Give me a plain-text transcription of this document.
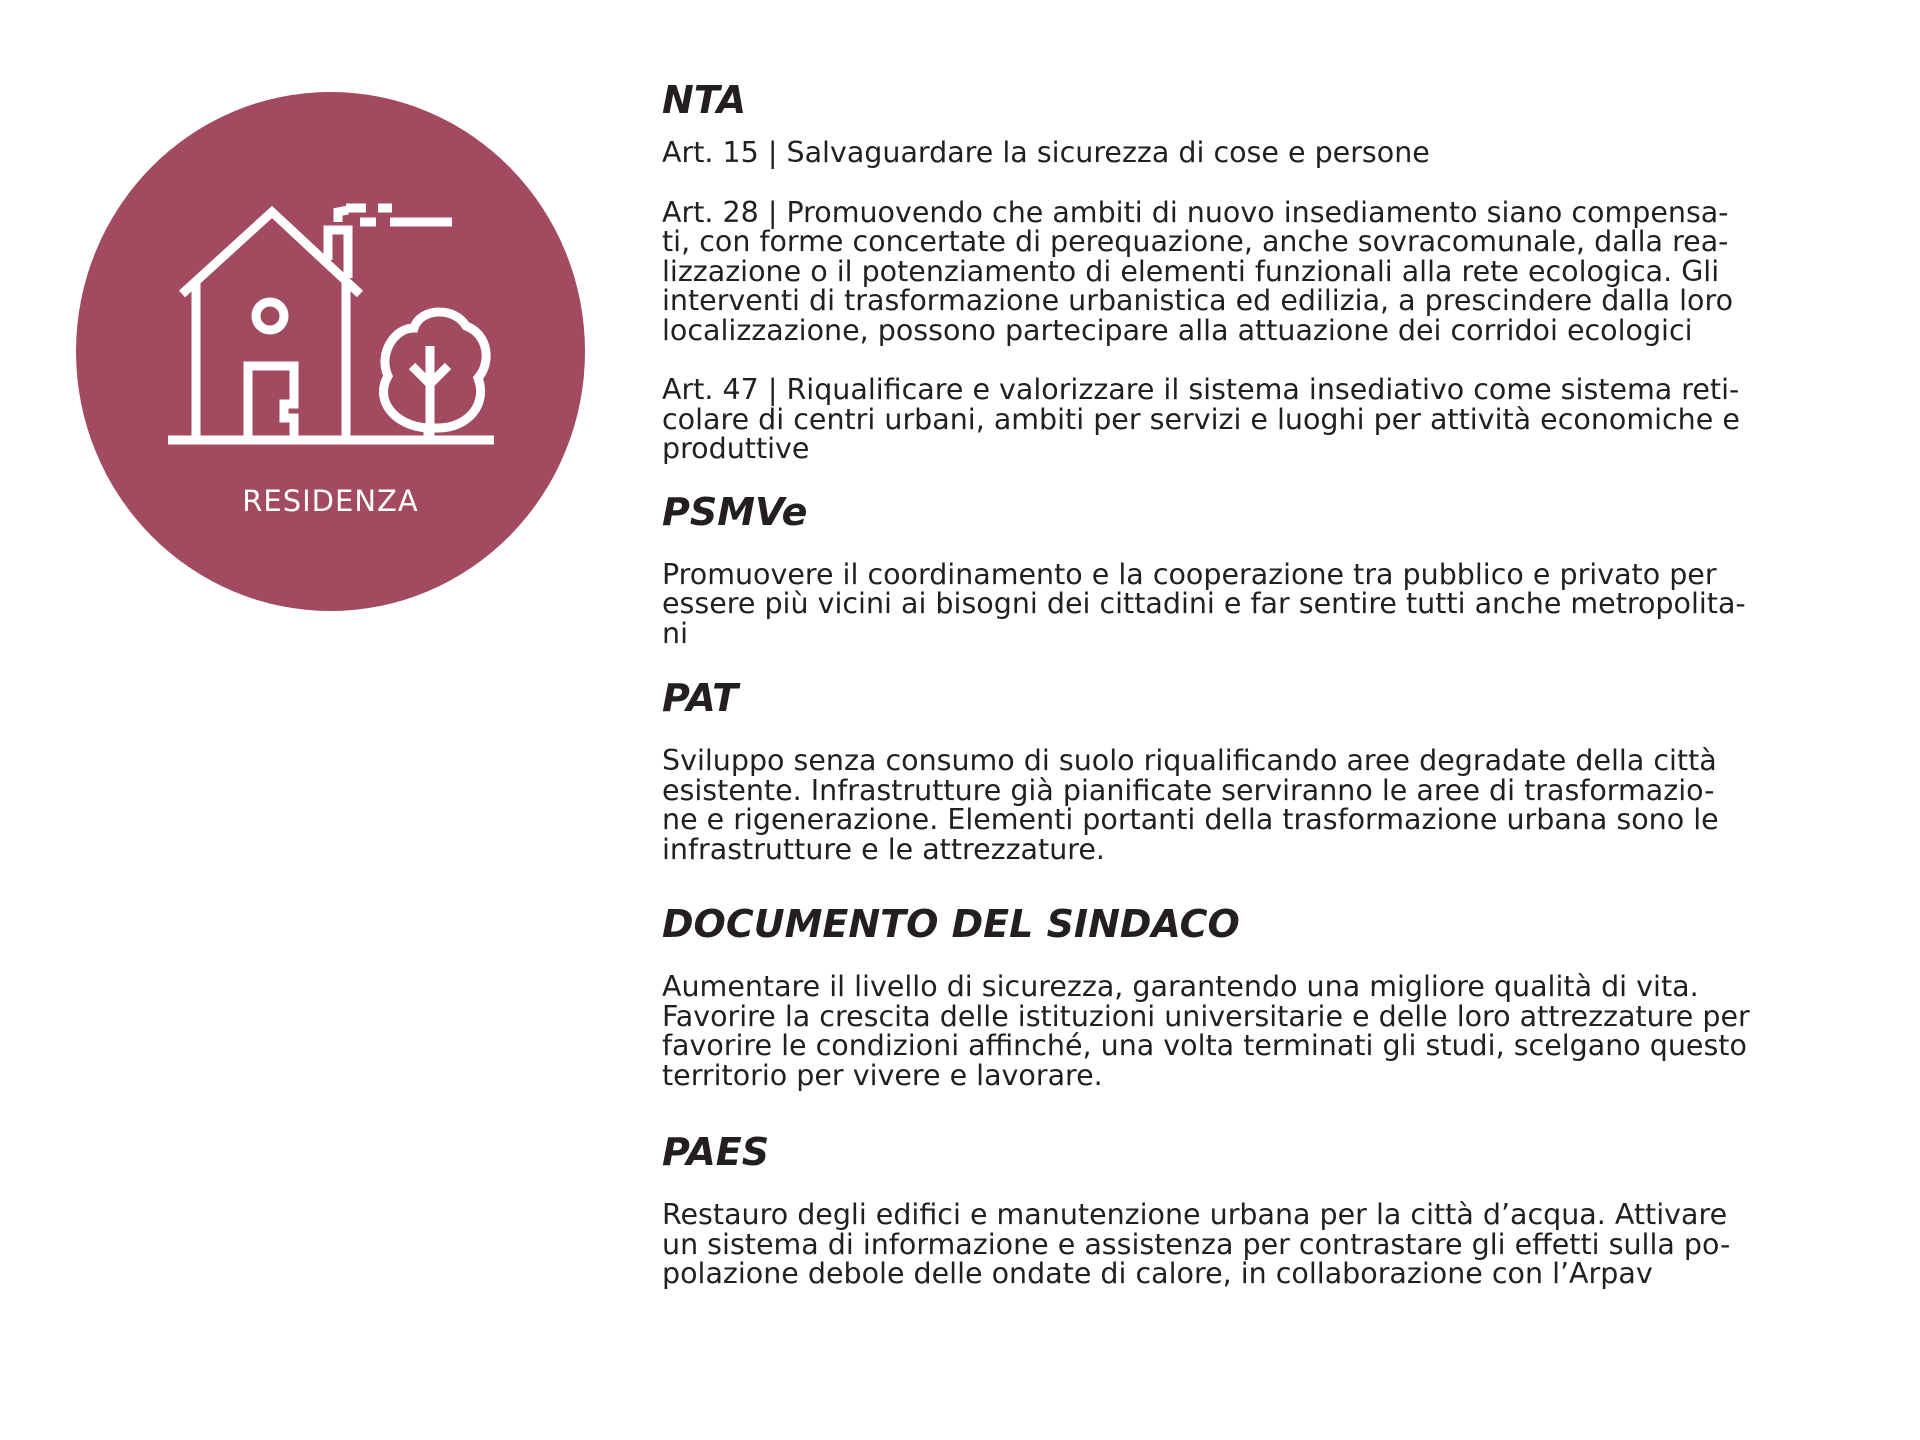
RESIDENZA
NTA

Art. 15 | Salvaguardare la sicurezza di cose e persone

Art. 28 | Promuovendo che ambiti di nuovo insediamento siano compensa-
ti, con forme concertate di perequazione, anche sovracomunale, dalla rea-
lizzazione o il potenziamento di elementi funzionali alla rete ecologica. Gli
interventi di trasformazione urbanistica ed edilizia, a prescindere dalla loro
localizzazione, possono partecipare alla attuazione dei corridoi ecologici

Art. 47 | Riqualificare e valorizzare il sistema insediativo come sistema reti-
colare di centri urbani, ambiti per servizi e luoghi per attività economiche e
produttive

PSMVe

Promuovere il coordinamento e la cooperazione tra pubblico e privato per
essere più vicini ai bisogni dei cittadini e far sentire tutti anche metropolita-
ni

PAT

Sviluppo senza consumo di suolo riqualificando aree degradate della città
esistente. Infrastrutture già pianificate serviranno le aree di trasformazio-
ne e rigenerazione. Elementi portanti della trasformazione urbana sono le
infrastrutture e le attrezzature.

DOCUMENTO DEL SINDACO

Aumentare il livello di sicurezza, garantendo una migliore qualità di vita.
Favorire la crescita delle istituzioni universitarie e delle loro attrezzature per
favorire le condizioni affinché, una volta terminati gli studi, scelgano questo
territorio per vivere e lavorare.

PAES

Restauro degli edifici e manutenzione urbana per la città d’acqua. Attivare
un sistema di informazione e assistenza per contrastare gli effetti sulla po-
polazione debole delle ondate di calore, in collaborazione con l’Arpav
